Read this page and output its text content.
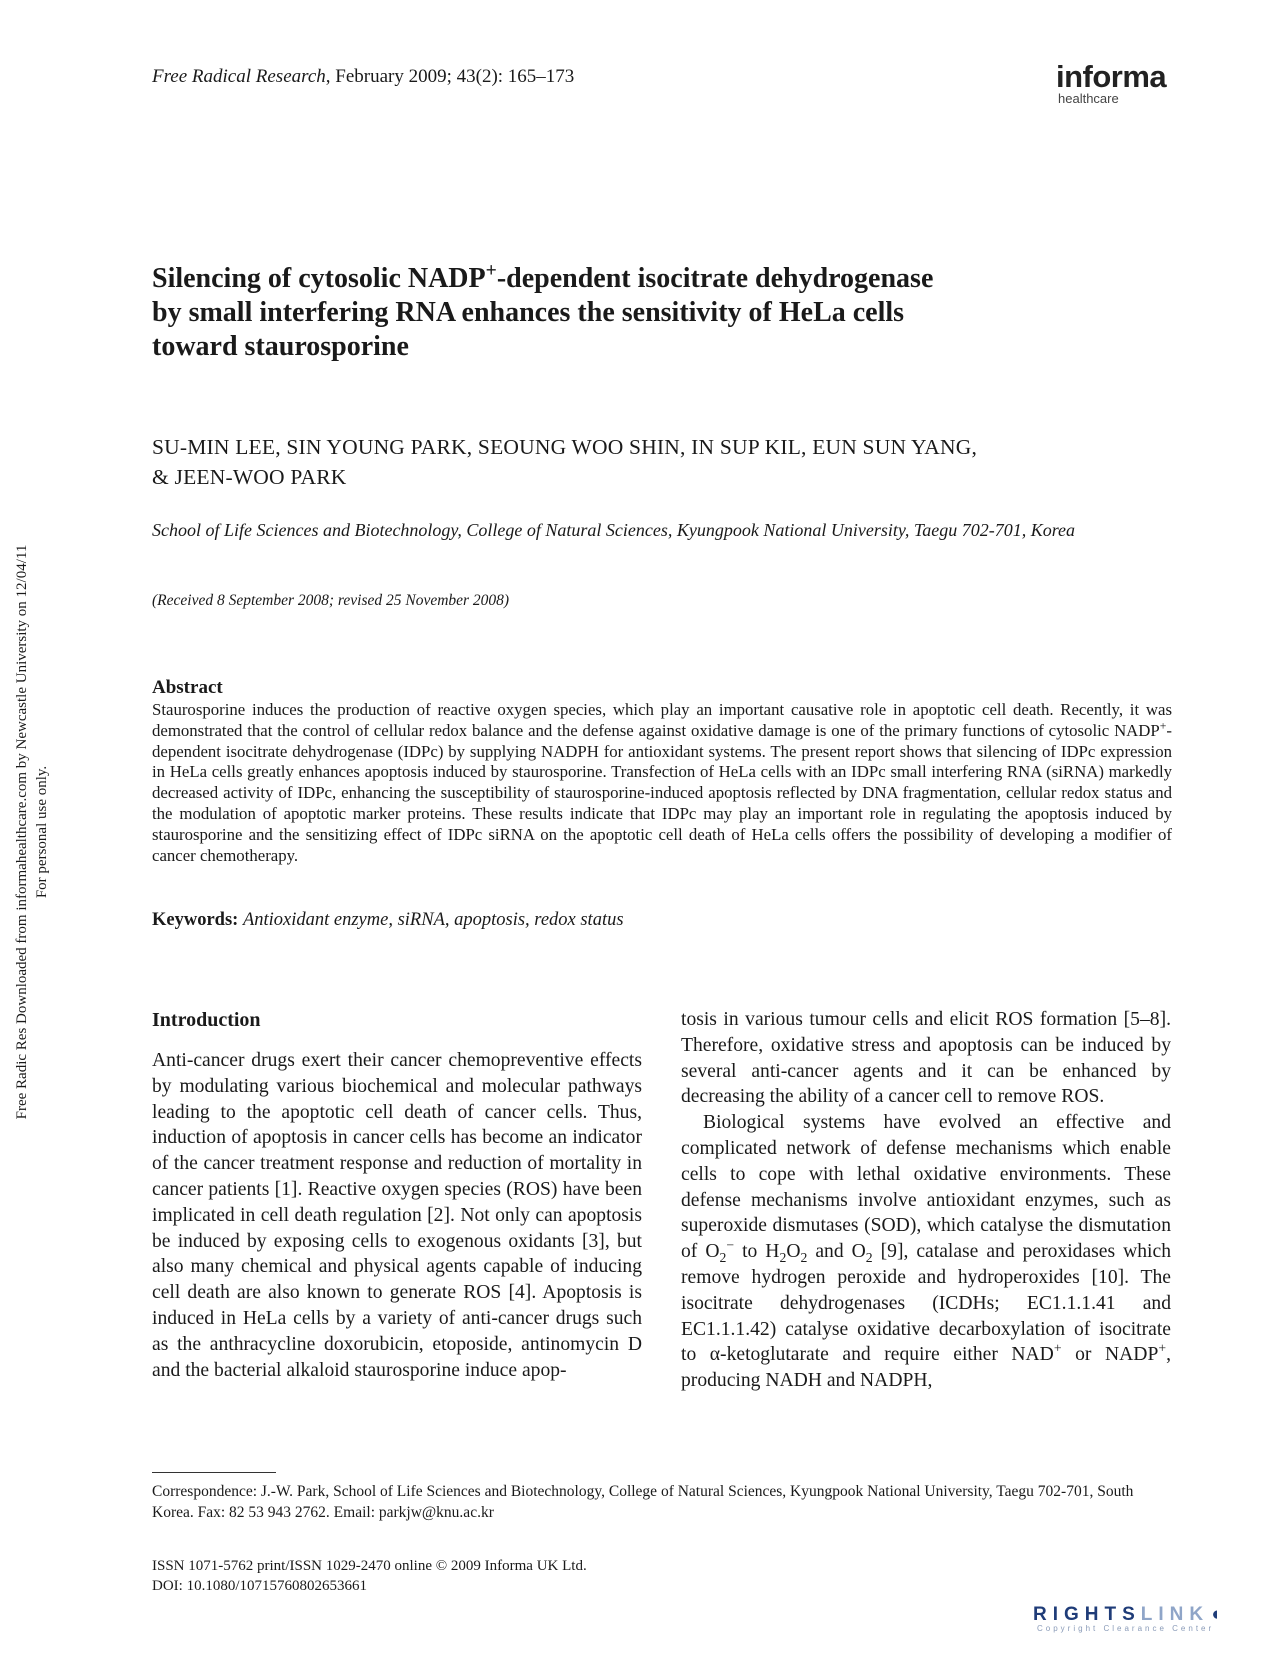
Free Radical Research, February 2009; 43(2): 165–173	informa
healthcare
Silencing of cytosolic NADP+-dependent isocitrate dehydrogenase
by small interfering RNA enhances the sensitivity of HeLa cells
toward staurosporine
SU-MIN LEE, SIN YOUNG PARK, SEOUNG WOO SHIN, IN SUP KIL, EUN SUN YANG,
& JEEN-WOO PARK
School of Life Sciences and Biotechnology, College of Natural Sciences, Kyungpook National University, Taegu 702-701, Korea
(Received 8 September 2008; revised 25 November 2008)
Abstract
Staurosporine induces the production of reactive oxygen species, which play an important causative role in apoptotic cell death. Recently, it was demonstrated that the control of cellular redox balance and the defense against oxidative damage is one of the primary functions of cytosolic NADP+-dependent isocitrate dehydrogenase (IDPc) by supplying NADPH for antioxidant systems. The present report shows that silencing of IDPc expression in HeLa cells greatly enhances apoptosis induced by staurosporine. Transfection of HeLa cells with an IDPc small interfering RNA (siRNA) markedly decreased activity of IDPc, enhancing the susceptibility of staurosporine-induced apoptosis reflected by DNA fragmentation, cellular redox status and the modulation of apoptotic marker proteins. These results indicate that IDPc may play an important role in regulating the apoptosis induced by staurosporine and the sensitizing effect of IDPc siRNA on the apoptotic cell death of HeLa cells offers the possibility of developing a modifier of cancer chemotherapy.
Keywords: Antioxidant enzyme, siRNA, apoptosis, redox status
Introduction

Anti-cancer drugs exert their cancer chemopreventive effects by modulating various biochemical and molecular pathways leading to the apoptotic cell death of cancer cells. Thus, induction of apoptosis in cancer cells has become an indicator of the cancer treatment response and reduction of mortality in cancer patients [1]. Reactive oxygen species (ROS) have been implicated in cell death regulation [2]. Not only can apoptosis be induced by exposing cells to exogenous oxidants [3], but also many chemical and physical agents capable of inducing cell death are also known to generate ROS [4]. Apoptosis is induced in HeLa cells by a variety of anti-cancer drugs such as the anthracycline doxorubicin, etoposide, antinomycin D and the bacterial alkaloid staurosporine induce apop-

tosis in various tumour cells and elicit ROS formation [5–8]. Therefore, oxidative stress and apoptosis can be induced by several anti-cancer agents and it can be enhanced by decreasing the ability of a cancer cell to remove ROS.

Biological systems have evolved an effective and complicated network of defense mechanisms which enable cells to cope with lethal oxidative environments. These defense mechanisms involve antioxidant enzymes, such as superoxide dismutases (SOD), which catalyse the dismutation of $O_2^-$ to $H_2O_2$ and $O_2$ [9], catalase and peroxidases which remove hydrogen peroxide and hydroperoxides [10]. The isocitrate dehydrogenases (ICDHs; EC1.1.1.41 and EC1.1.1.42) catalyse oxidative decarboxylation of isocitrate to α-ketoglutarate and require either NAD+ or NADP+, producing NADH and NADPH,

Correspondence: J.-W. Park, School of Life Sciences and Biotechnology, College of Natural Sciences, Kyungpook National University, Taegu 702-701, South Korea. Fax: 82 53 943 2762. Email: parkjw@knu.ac.kr
ISSN 1071-5762 print/ISSN 1029-2470 online © 2009 Informa UK Ltd.
DOI: 10.1080/10715760802653661
Free Radic Res Downloaded from informahealthcare.com by Newcastle University on 12/04/11 For personal use only.
RIGHTSLINK◖
Copyright Clearance Center
